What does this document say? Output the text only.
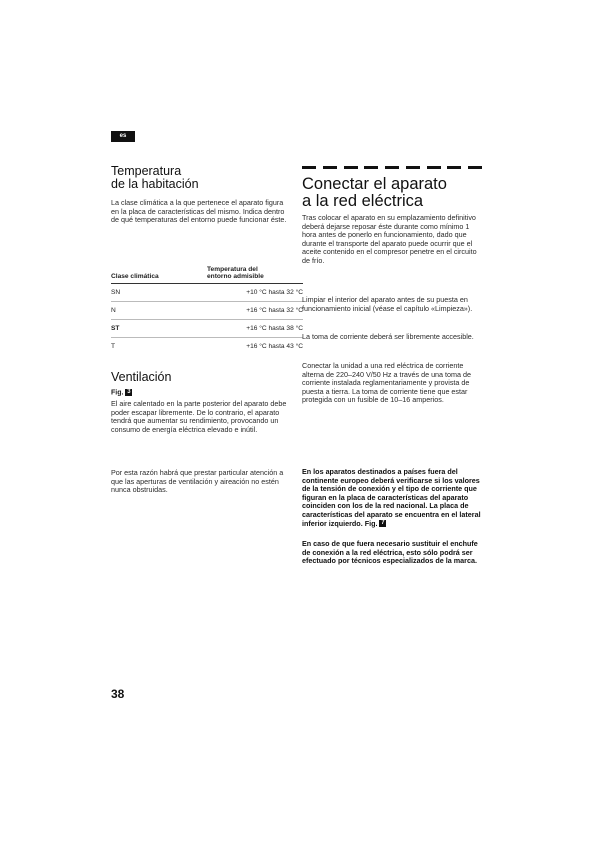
es
Temperatura
de la habitación

La clase climática a la que pertenece el aparato figura en la placa de características del mismo. Indica dentro de qué temperaturas del entorno puede funcionar éste.

Clase climática	Temperatura del
entorno admisible

SN	+10 °C hasta 32 °C
N	+16 °C hasta 32 °C
ST	+16 °C hasta 38 °C
T	+16 °C hasta 43 °C
Ventilación
Fig. 3

El aire calentado en la parte posterior del aparato debe poder escapar libremente. De lo contrario, el aparato tendrá que aumentar su rendimiento, provocando un consumo de energía eléctrica elevado e inútil.

Por esta razón habrá que prestar particular atención a que las aperturas de ventilación y aireación no estén nunca obstruidas.

Conectar el aparato
a la red eléctrica

Tras colocar el aparato en su emplazamiento definitivo deberá dejarse reposar éste durante como mínimo 1 hora antes de ponerlo en funcionamiento, dado que durante el transporte del aparato puede ocurrir que el aceite contenido en el compresor penetre en el circuito de frío.

Limpiar el interior del aparato antes de su puesta en funcionamiento inicial (véase el capítulo «Limpieza»).

La toma de corriente deberá ser libremente accesible.

Conectar la unidad a una red eléctrica de corriente alterna de 220–240 V/50 Hz a través de una toma de corriente instalada reglamentariamente y provista de puesta a tierra. La toma de corriente tiene que estar protegida con un fusible de 10–16 amperios.

En los aparatos destinados a países fuera del continente europeo deberá verificarse si los valores de la tensión de conexión y el tipo de corriente que figuran en la placa de características del aparato coinciden con los de la red nacional. La placa de características del aparato se encuentra en el lateral inferior izquierdo. Fig. 7

En caso de que fuera necesario sustituir el enchufe de conexión a la red eléctrica, esto sólo podrá ser efectuado por técnicos especializados de la marca.

38
